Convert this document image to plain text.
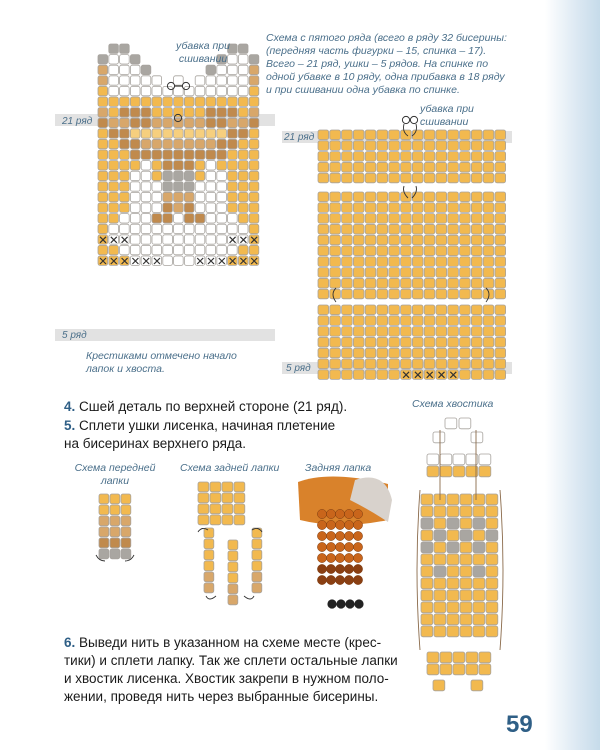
убавка при
сшивании
21 ряд
5 ряд
Крестиками отмечено начало
лапок и хвоста.
Схема с пятого ряда (всего в ряду 32 бисерины:
(передняя часть фигурки – 15, спинка – 17).
Всего – 21 ряд, ушки – 5 рядов. На спинке по
одной убавке в 10 ряду, одна прибавка в 18 ряду
и при сшивании одна убавка по спинке.
убавка при
сшивании
21 ряд
5 ряд
4. Сшей деталь по верхней стороне (21 ряд).
5. Сплети ушки лисенка, начиная плетение
на бисеринах верхнего ряда.
Схема хвостика
Схема передней
лапки
Схема задней лапки Задняя лапка
6. Выведи нить в указанном на схеме месте (крес-
тики) и сплети лапку. Так же сплети остальные лапки
и хвостик лисенка. Хвостик закрепи в нужном поло-
жении, проведя нить через выбранные бисерины.
59
